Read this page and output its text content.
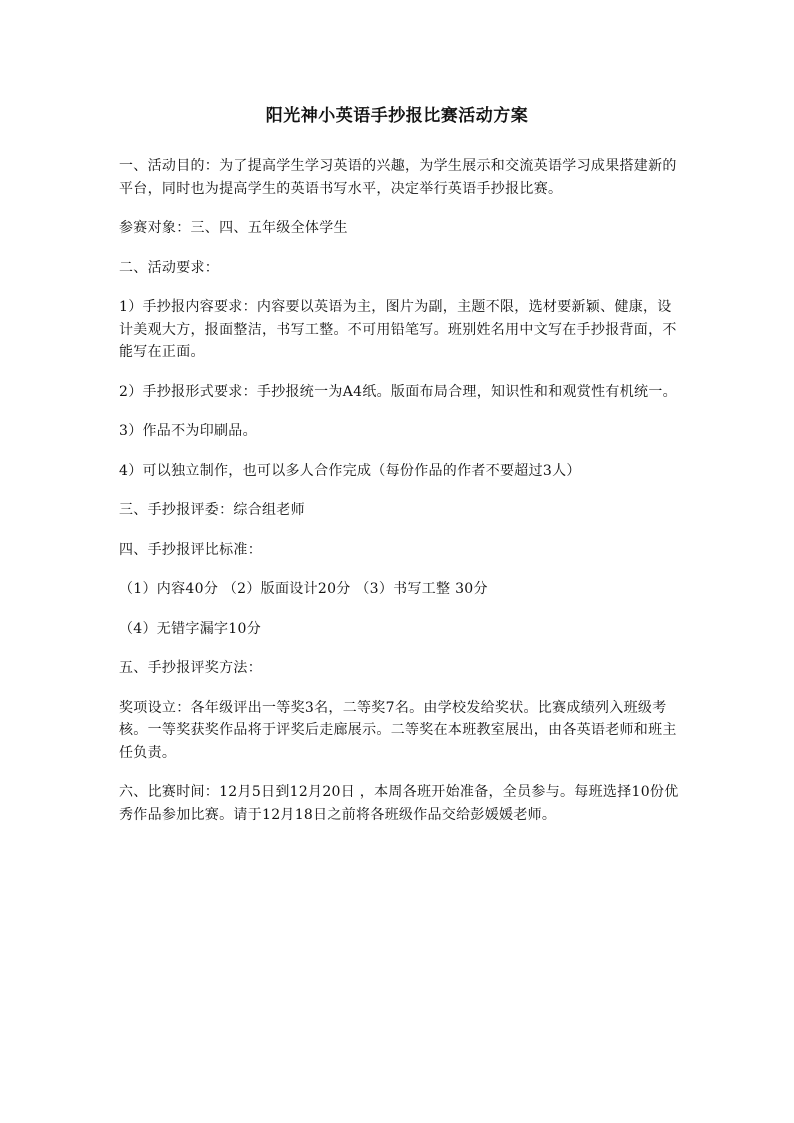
阳光神小英语手抄报比赛活动方案

一、活动目的：为了提高学生学习英语的兴趣，为学生展示和交流英语学习成果搭建新的平台，同时也为提高学生的英语书写水平，决定举行英语手抄报比赛。

参赛对象：三、四、五年级全体学生

二、活动要求：

1）手抄报内容要求：内容要以英语为主，图片为副，主题不限，选材要新颖、健康，设计美观大方，报面整洁，书写工整。不可用铅笔写。班别姓名用中文写在手抄报背面，不能写在正面。

2）手抄报形式要求：手抄报统一为A4纸。版面布局合理，知识性和和观赏性有机统一。

3）作品不为印刷品。

4）可以独立制作，也可以多人合作完成（每份作品的作者不要超过3人）

三、手抄报评委：综合组老师

四、手抄报评比标准：

（1）内容40分 （2）版面设计20分 （3）书写工整 30分

（4）无错字漏字10分

五、手抄报评奖方法：

奖项设立：各年级评出一等奖3名，二等奖7名。由学校发给奖状。比赛成绩列入班级考核。一等奖获奖作品将于评奖后走廊展示。二等奖在本班教室展出，由各英语老师和班主任负责。

六、比赛时间：12月5日到12月20日 ，本周各班开始准备，全员参与。每班选择10份优秀作品参加比赛。请于12月18日之前将各班级作品交给彭媛媛老师。
